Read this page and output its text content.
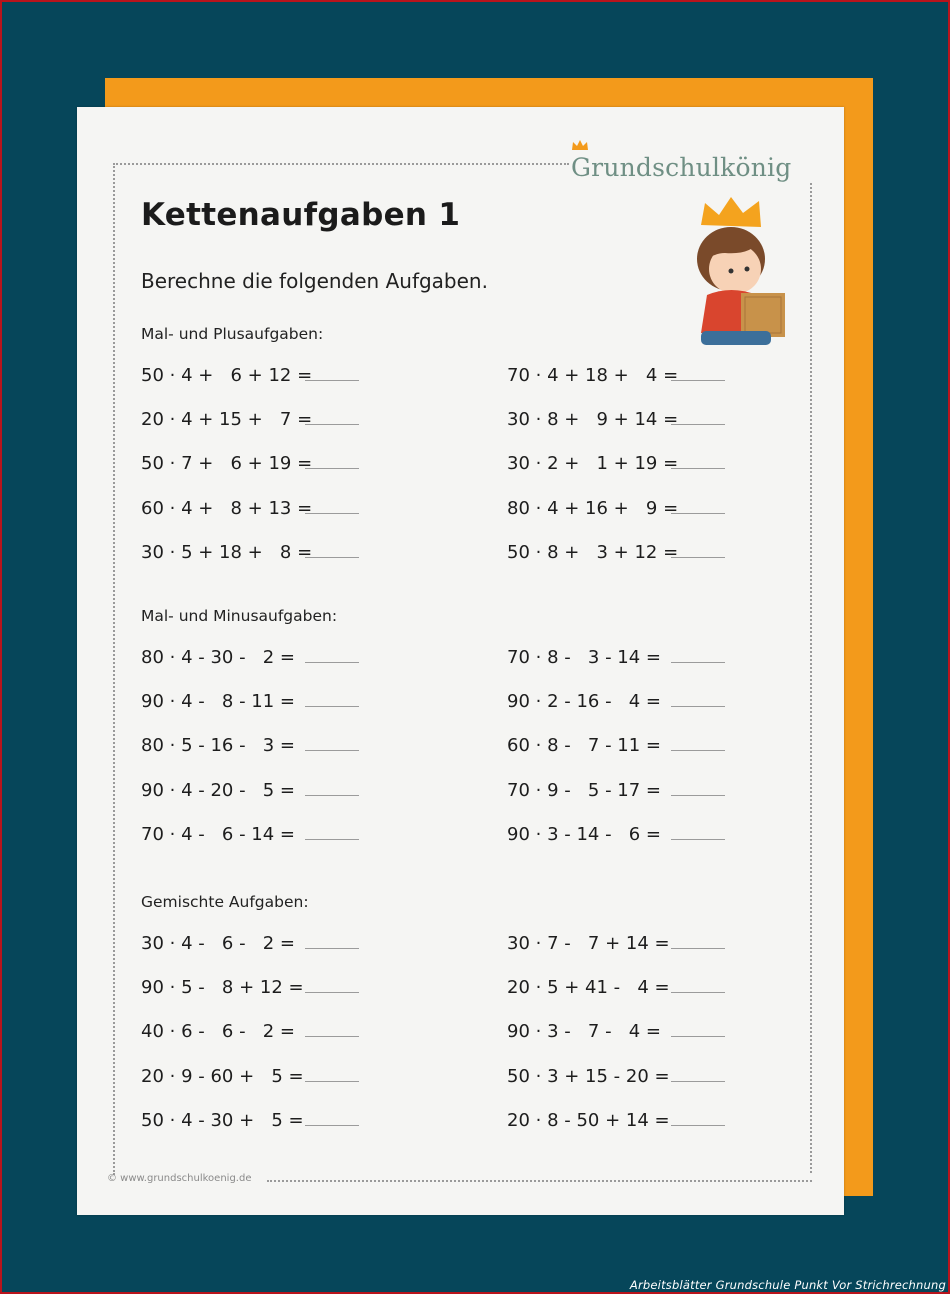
Grundschulkönig
Kettenaufgaben 1
Berechne die folgenden Aufgaben.
Mal- und Plusaufgaben:
50 · 4 +   6 + 12 =
20 · 4 + 15 +   7 =
50 · 7 +   6 + 19 =
60 · 4 +   8 + 13 =
30 · 5 + 18 +   8 =
70 · 4 + 18 +   4 =
30 · 8 +   9 + 14 =
30 · 2 +   1 + 19 =
80 · 4 + 16 +   9 =
50 · 8 +   3 + 12 =
Mal- und Minusaufgaben:
80 · 4 - 30 -   2 =
90 · 4 -   8 - 11 =
80 · 5 - 16 -   3 =
90 · 4 - 20 -   5 =
70 · 4 -   6 - 14 =
70 · 8 -   3 - 14 =
90 · 2 - 16 -   4 =
60 · 8 -   7 - 11 =
70 · 9 -   5 - 17 =
90 · 3 - 14 -   6 =
Gemischte Aufgaben:
30 · 4 -   6 -   2 =
90 · 5 -   8 + 12 =
40 · 6 -   6 -   2 =
20 · 9 - 60 +   5 =
50 · 4 - 30 +   5 =
30 · 7 -   7 + 14 =
20 · 5 + 41 -   4 =
90 · 3 -   7 -   4 =
50 · 3 + 15 - 20 =
20 · 8 - 50 + 14 =
© www.grundschulkoenig.de
Arbeitsblätter Grundschule Punkt Vor Strichrechnung
